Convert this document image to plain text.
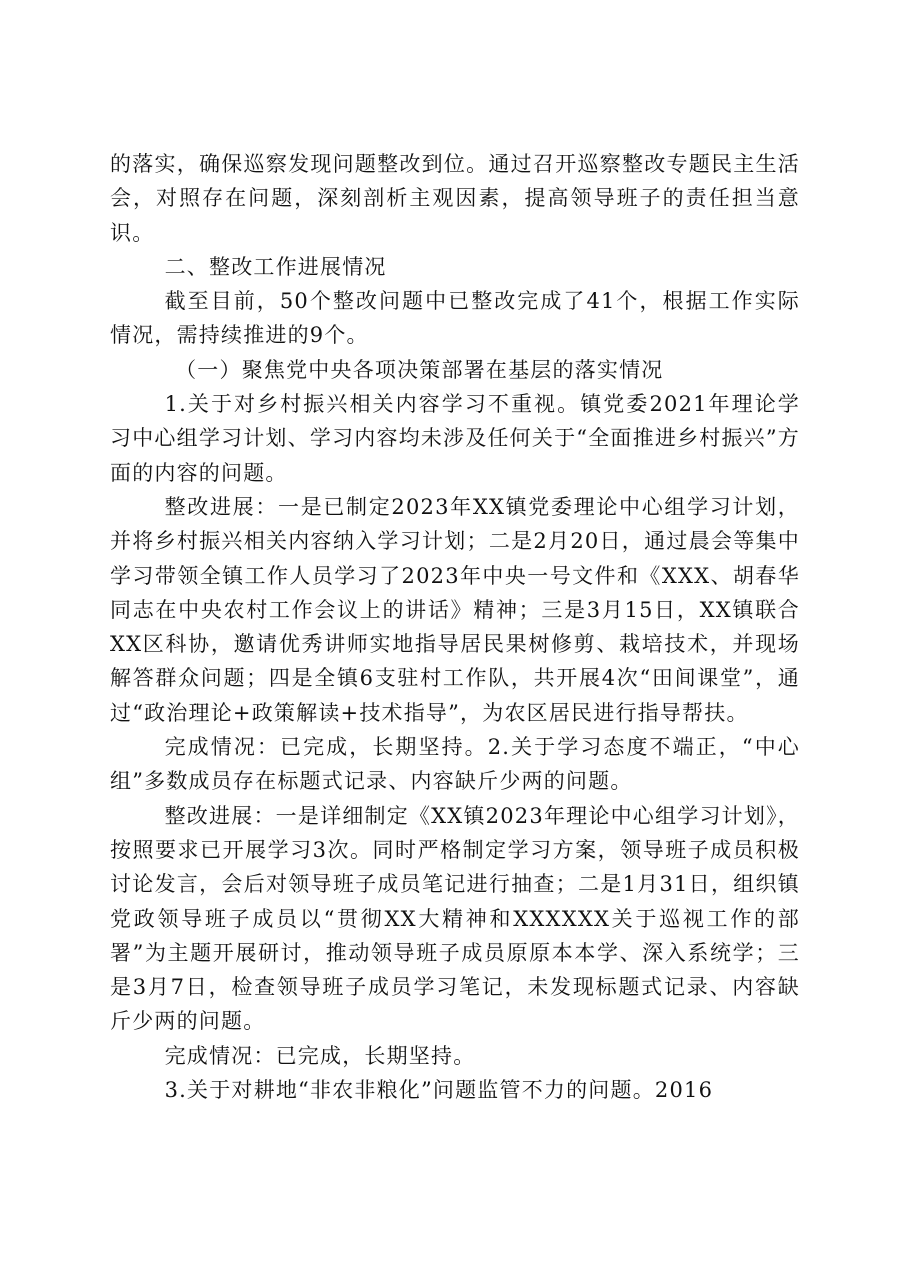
的落实，确保巡察发现问题整改到位。通过召开巡察整改专题民主生活会，对照存在问题，深刻剖析主观因素，提高领导班子的责任担当意识。

二、整改工作进展情况

截至目前，50个整改问题中已整改完成了41个，根据工作实际情况，需持续推进的9个。

（一）聚焦党中央各项决策部署在基层的落实情况

1.关于对乡村振兴相关内容学习不重视。镇党委2021年理论学习中心组学习计划、学习内容均未涉及任何关于“全面推进乡村振兴”方面的内容的问题。

整改进展：一是已制定2023年XX镇党委理论中心组学习计划，并将乡村振兴相关内容纳入学习计划；二是2月20日，通过晨会等集中学习带领全镇工作人员学习了2023年中央一号文件和《XXX、胡春华同志在中央农村工作会议上的讲话》精神；三是3月15日，XX镇联合XX区科协，邀请优秀讲师实地指导居民果树修剪、栽培技术，并现场解答群众问题；四是全镇6支驻村工作队，共开展4次“田间课堂”，通过“政治理论+政策解读+技术指导”，为农区居民进行指导帮扶。

完成情况：已完成，长期坚持。2.关于学习态度不端正，“中心组”多数成员存在标题式记录、内容缺斤少两的问题。

整改进展：一是详细制定《XX镇2023年理论中心组学习计划》，按照要求已开展学习3次。同时严格制定学习方案，领导班子成员积极讨论发言，会后对领导班子成员笔记进行抽查；二是1月31日，组织镇党政领导班子成员以“贯彻XX大精神和XXXXXX关于巡视工作的部署”为主题开展研讨，推动领导班子成员原原本本学、深入系统学；三是3月7日，检查领导班子成员学习笔记，未发现标题式记录、内容缺斤少两的问题。

完成情况：已完成，长期坚持。

3.关于对耕地“非农非粮化”问题监管不力的问题。2016
